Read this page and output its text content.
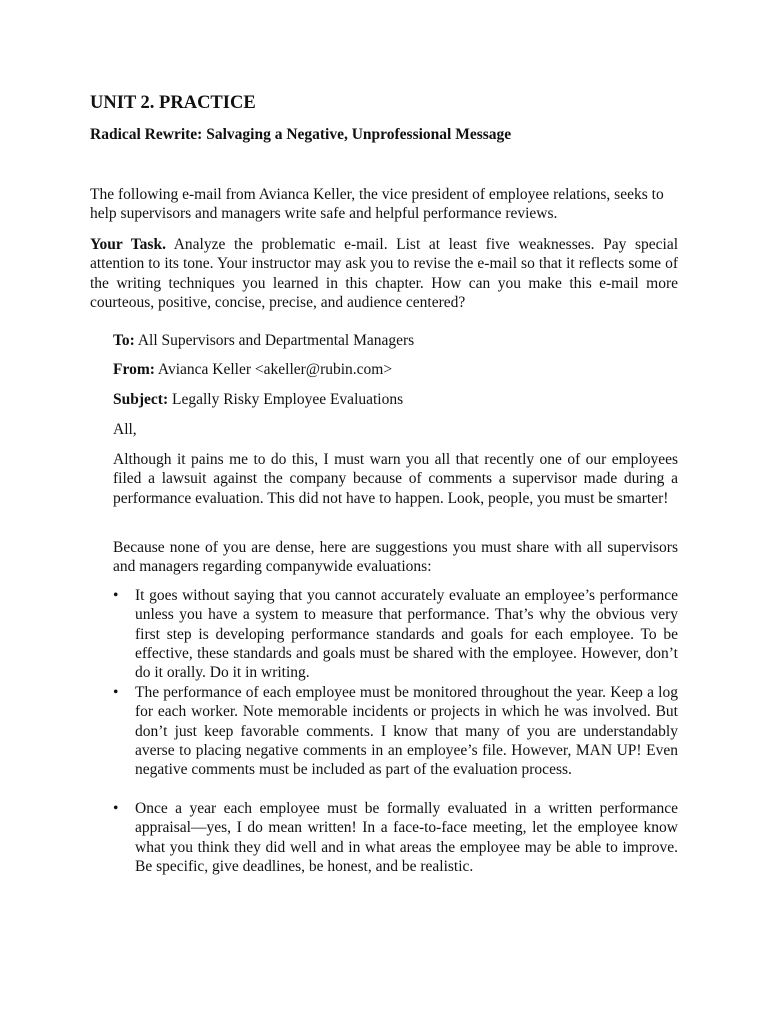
UNIT 2. PRACTICE
Radical Rewrite: Salvaging a Negative, Unprofessional Message

The following e-mail from Avianca Keller, the vice president of employee relations, seeks to help supervisors and managers write safe and helpful performance reviews.

Your Task. Analyze the problematic e-mail. List at least five weaknesses. Pay special attention to its tone. Your instructor may ask you to revise the e-mail so that it reflects some of the writing techniques you learned in this chapter. How can you make this e-mail more courteous, positive, concise, precise, and audience centered?

To: All Supervisors and Departmental Managers

From: Avianca Keller <akeller@rubin.com>

Subject: Legally Risky Employee Evaluations

All,

Although it pains me to do this, I must warn you all that recently one of our employees filed a lawsuit against the company because of comments a supervisor made during a performance evaluation. This did not have to happen. Look, people, you must be smarter!

Because none of you are dense, here are suggestions you must share with all supervisors and managers regarding companywide evaluations:

• It goes without saying that you cannot accurately evaluate an employee’s performance unless you have a system to measure that performance. That’s why the obvious very first step is developing performance standards and goals for each employee. To be effective, these standards and goals must be shared with the employee. However, don’t do it orally. Do it in writing.
• The performance of each employee must be monitored throughout the year. Keep a log for each worker. Note memorable incidents or projects in which he was involved. But don’t just keep favorable comments. I know that many of you are understandably averse to placing negative comments in an employee’s file. However, MAN UP! Even negative comments must be included as part of the evaluation process.
• Once a year each employee must be formally evaluated in a written performance appraisal—yes, I do mean written! In a face-to-face meeting, let the employee know what you think they did well and in what areas the employee may be able to improve. Be specific, give deadlines, be honest, and be realistic.
